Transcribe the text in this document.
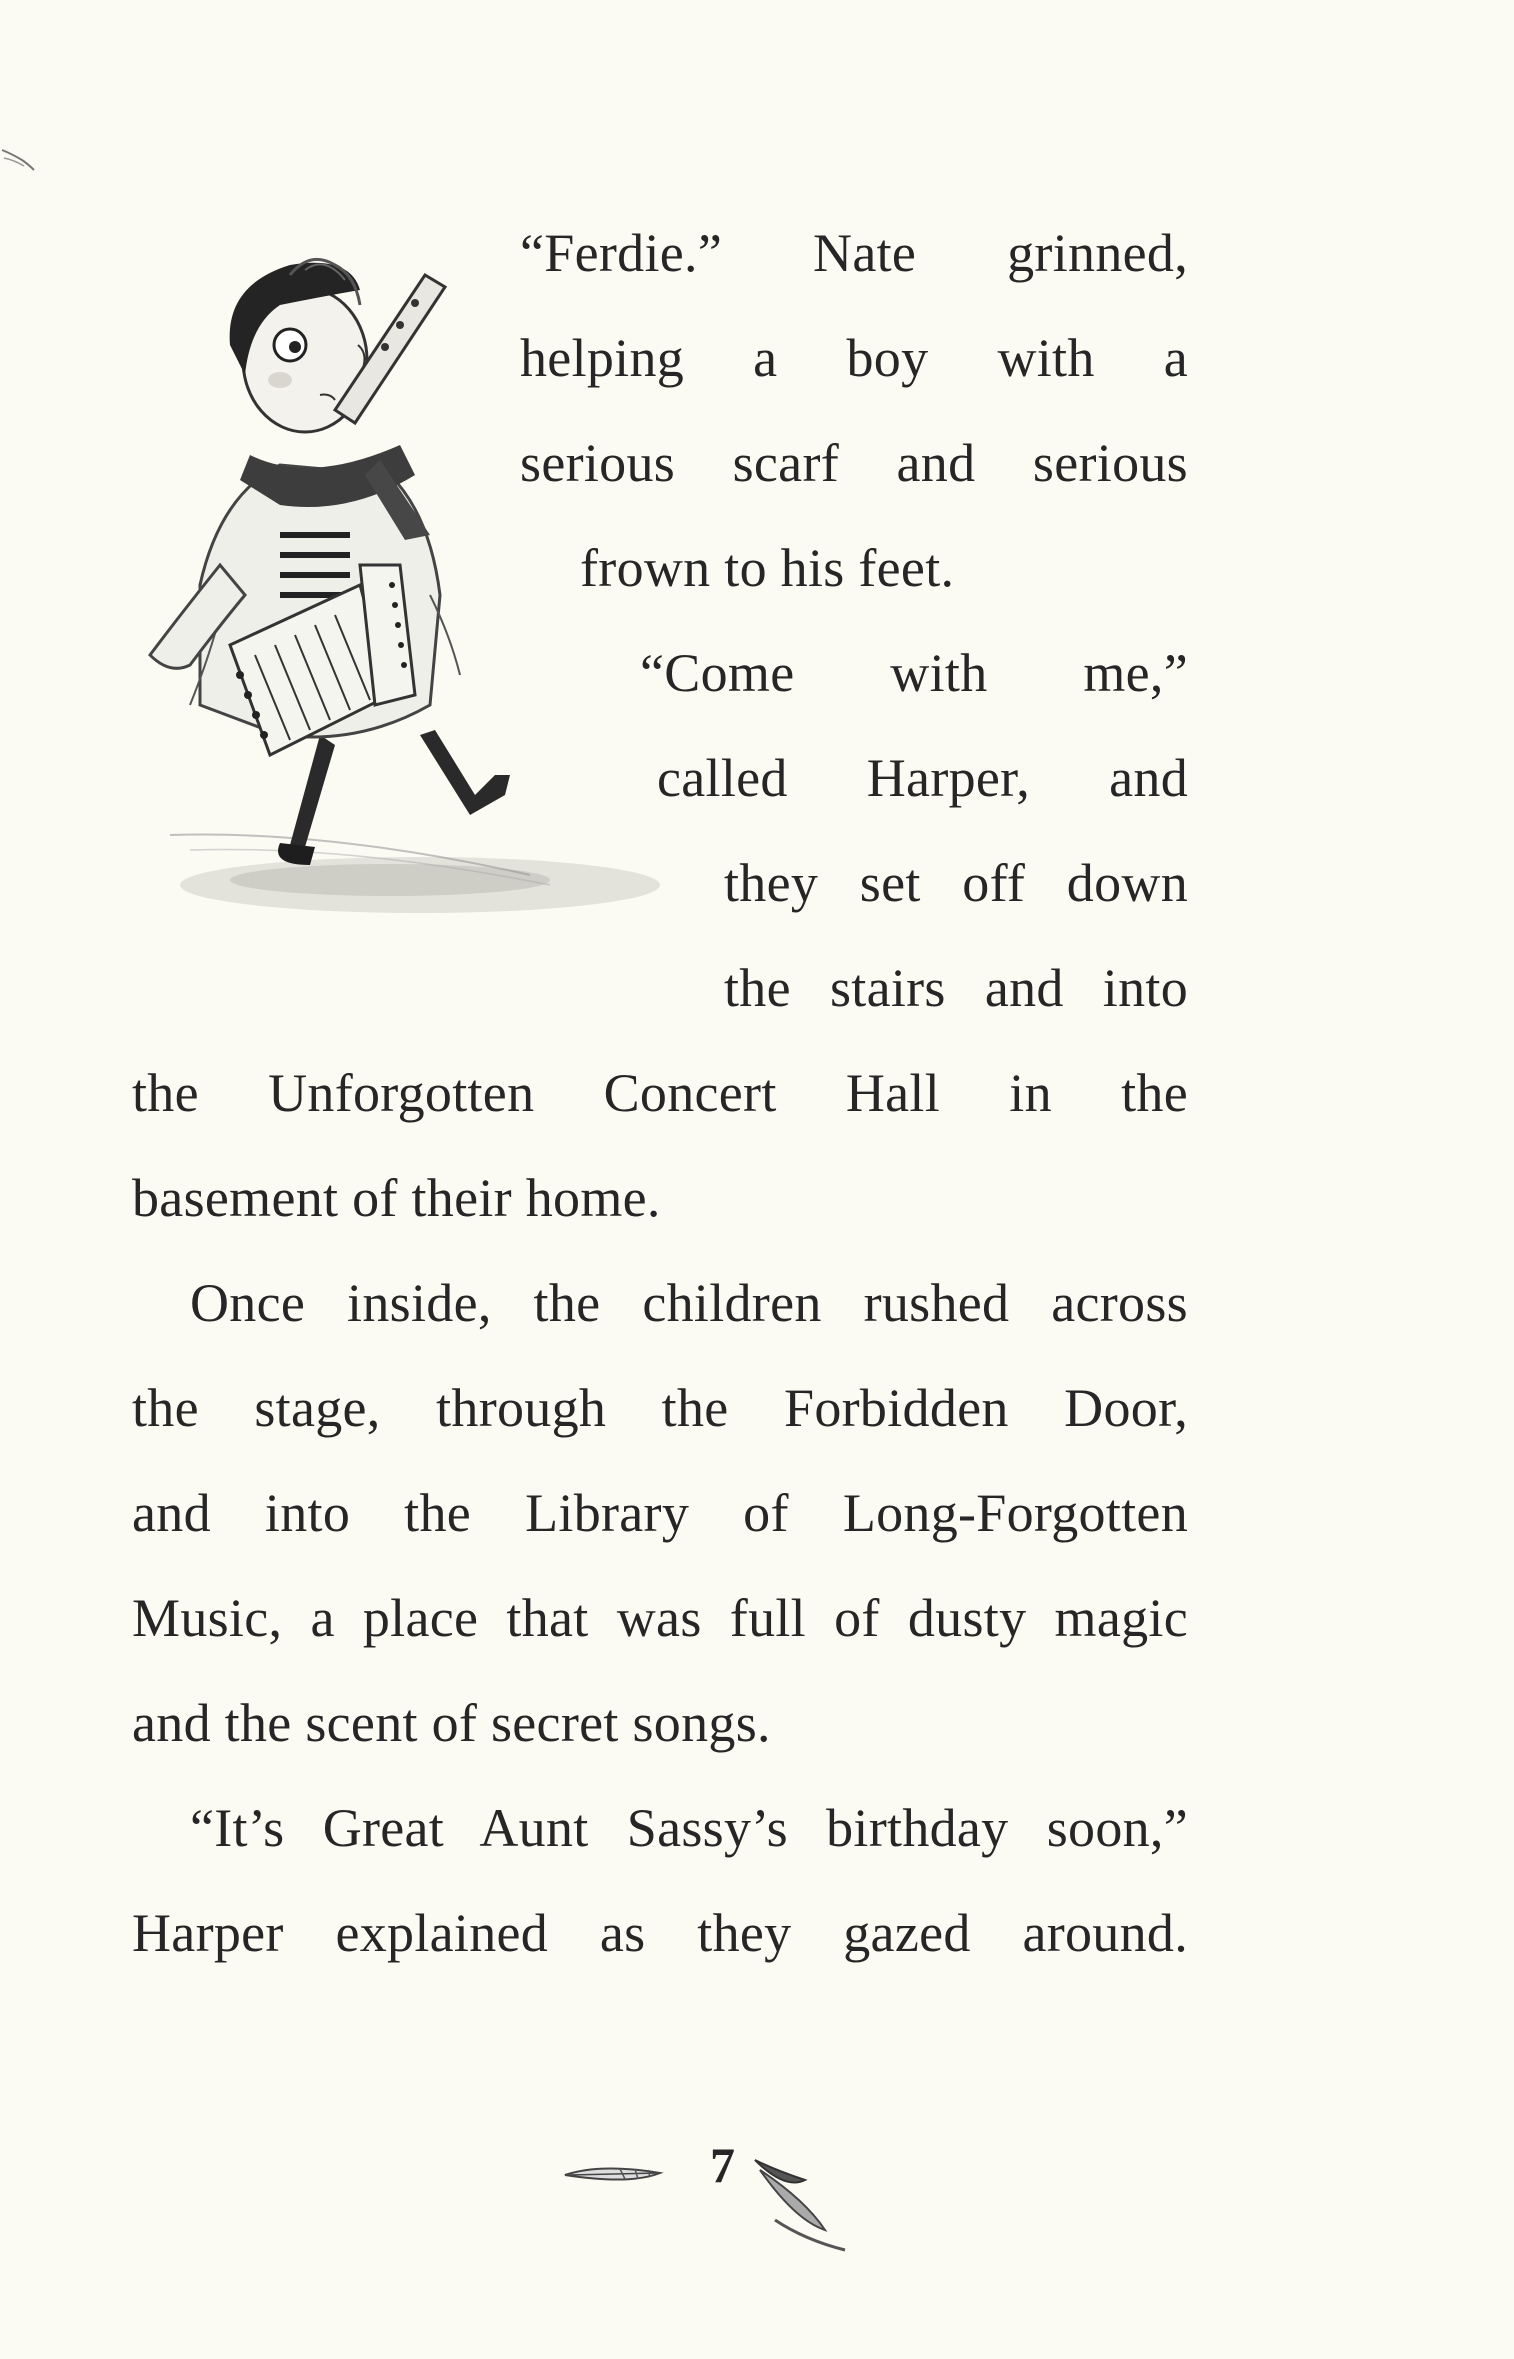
“Ferdie.” Nate grinned,
helping a boy with a
serious scarf and serious
frown to his feet.
“Come with me,”
called Harper, and
they set off down
the stairs and into
the Unforgotten Concert Hall in the
basement of their home.
Once inside, the children rushed across
the stage, through the Forbidden Door,
and into the Library of Long-Forgotten
Music, a place that was full of dusty magic
and the scent of secret songs.
“It’s Great Aunt Sassy’s birthday soon,”
Harper explained as they gazed around.
7
